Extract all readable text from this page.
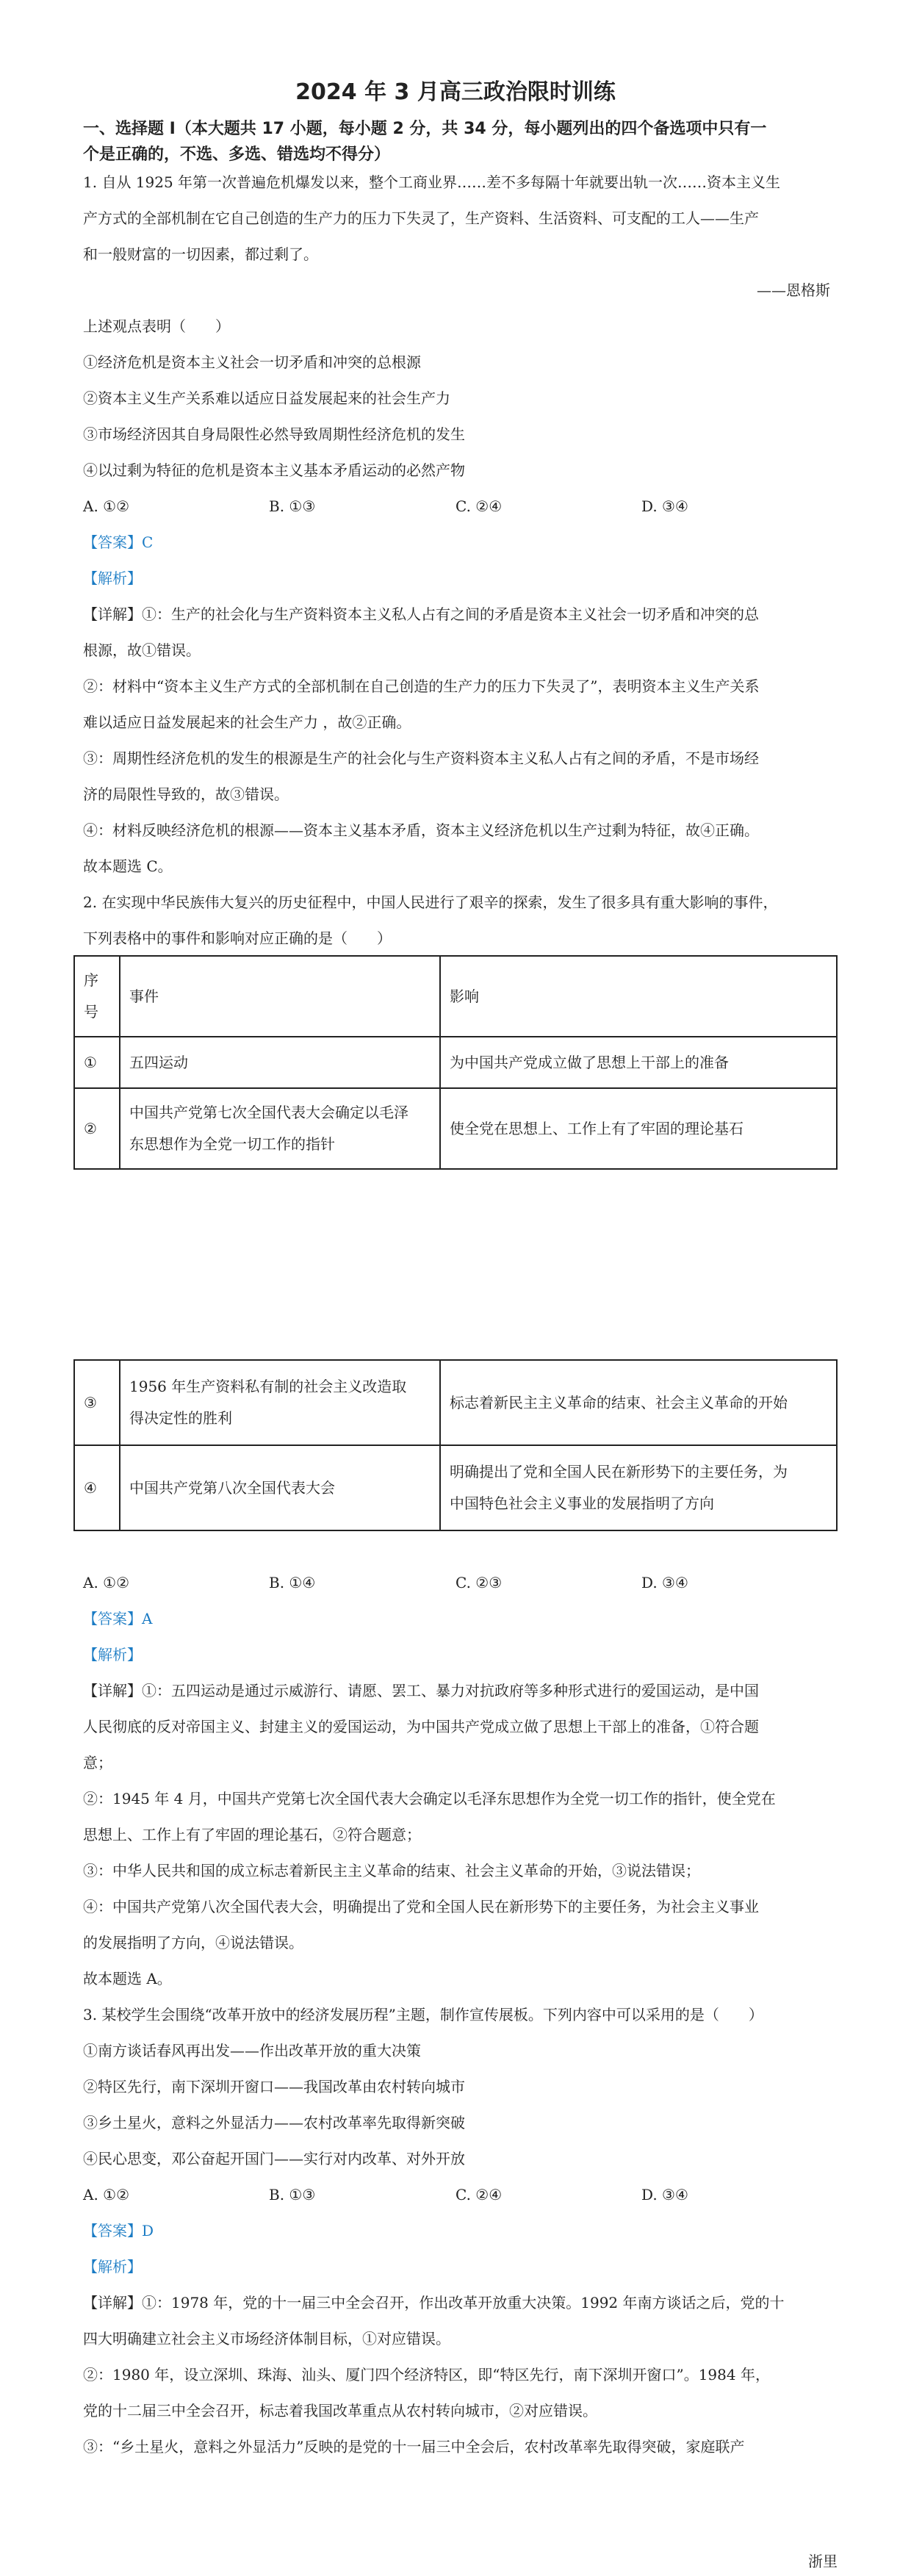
2024 年 3 月高三政治限时训练
一、选择题 I（本大题共 17 小题，每小题 2 分，共 34 分，每小题列出的四个备选项中只有一
个是正确的，不选、多选、错选均不得分）
1. 自从 1925 年第一次普遍危机爆发以来，整个工商业界……差不多每隔十年就要出轨一次……资本主义生
产方式的全部机制在它自己创造的生产力的压力下失灵了，生产资料、生活资料、可支配的工人——生产
和一般财富的一切因素，都过剩了。
——恩格斯
上述观点表明（　　）
①经济危机是资本主义社会一切矛盾和冲突的总根源
②资本主义生产关系难以适应日益发展起来的社会生产力
③市场经济因其自身局限性必然导致周期性经济危机的发生
④以过剩为特征的危机是资本主义基本矛盾运动的必然产物
A. ①②	B. ①③	C. ②④	D. ③④
【答案】C
【解析】
【详解】①：生产的社会化与生产资料资本主义私人占有之间的矛盾是资本主义社会一切矛盾和冲突的总
根源，故①错误。
②：材料中“资本主义生产方式的全部机制在自己创造的生产力的压力下失灵了”，表明资本主义生产关系
难以适应日益发展起来的社会生产力 ，故②正确。
③：周期性经济危机的发生的根源是生产的社会化与生产资料资本主义私人占有之间的矛盾，不是市场经
济的局限性导致的，故③错误。
④：材料反映经济危机的根源——资本主义基本矛盾，资本主义经济危机以生产过剩为特征，故④正确。
故本题选 C。
2. 在实现中华民族伟大复兴的历史征程中，中国人民进行了艰辛的探索，发生了很多具有重大影响的事件，
下列表格中的事件和影响对应正确的是（　　）
序
号	事件	影响
①	五四运动	为中国共产党成立做了思想上干部上的准备
②	中国共产党第七次全国代表大会确定以毛泽
东思想作为全党一切工作的指针	使全党在思想上、工作上有了牢固的理论基石
③	1956 年生产资料私有制的社会主义改造取
得决定性的胜利	标志着新民主主义革命的结束、社会主义革命的开始
④	中国共产党第八次全国代表大会	明确提出了党和全国人民在新形势下的主要任务，为
中国特色社会主义事业的发展指明了方向
A. ①②	B. ①④	C. ②③	D. ③④
【答案】A
【解析】
【详解】①：五四运动是通过示威游行、请愿、罢工、暴力对抗政府等多种形式进行的爱国运动，是中国
人民彻底的反对帝国主义、封建主义的爱国运动，为中国共产党成立做了思想上干部上的准备，①符合题
意；
②：1945 年 4 月，中国共产党第七次全国代表大会确定以毛泽东思想作为全党一切工作的指针，使全党在
思想上、工作上有了牢固的理论基石，②符合题意；
③：中华人民共和国的成立标志着新民主主义革命的结束、社会主义革命的开始，③说法错误；
④：中国共产党第八次全国代表大会，明确提出了党和全国人民在新形势下的主要任务，为社会主义事业
的发展指明了方向，④说法错误。
故本题选 A。
3. 某校学生会围绕“改革开放中的经济发展历程”主题，制作宣传展板。下列内容中可以采用的是（　　）
①南方谈话春风再出发——作出改革开放的重大决策
②特区先行，南下深圳开窗口——我国改革由农村转向城市
③乡土星火，意料之外显活力——农村改革率先取得新突破
④民心思变，邓公奋起开国门——实行对内改革、对外开放
A. ①②	B. ①③	C. ②④	D. ③④
【答案】D
【解析】
【详解】①：1978 年，党的十一届三中全会召开，作出改革开放重大决策。1992 年南方谈话之后，党的十
四大明确建立社会主义市场经济体制目标，①对应错误。
②：1980 年，设立深圳、珠海、汕头、厦门四个经济特区，即“特区先行，南下深圳开窗口”。1984 年，
党的十二届三中全会召开，标志着我国改革重点从农村转向城市，②对应错误。
③：“乡土星火，意料之外显活力”反映的是党的十一届三中全会后，农村改革率先取得突破，家庭联产
浙里
